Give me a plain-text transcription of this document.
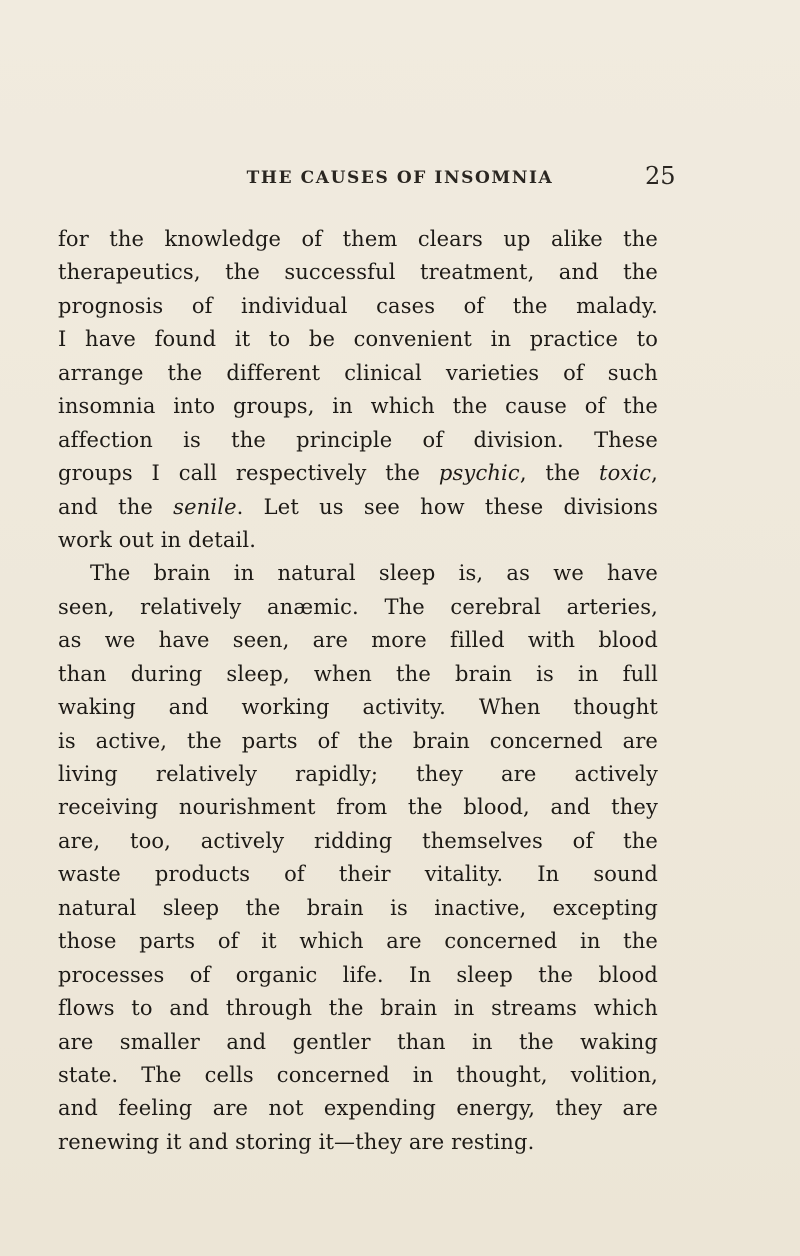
THE CAUSES OF INSOMNIA	25
for the knowledge of them clears up alike the
therapeutics, the successful treatment, and the
prognosis of individual cases of the malady.
I have found it to be convenient in practice to
arrange the different clinical varieties of such
insomnia into groups, in which the cause of the
affection is the principle of division. These
groups I call respectively the psychic, the toxic,
and the senile. Let us see how these divisions
work out in detail.
The brain in natural sleep is, as we have
seen, relatively anæmic. The cerebral arteries,
as we have seen, are more filled with blood
than during sleep, when the brain is in full
waking and working activity. When thought
is active, the parts of the brain concerned are
living relatively rapidly; they are actively
receiving nourishment from the blood, and they
are, too, actively ridding themselves of the
waste products of their vitality. In sound
natural sleep the brain is inactive, excepting
those parts of it which are concerned in the
processes of organic life. In sleep the blood
flows to and through the brain in streams which
are smaller and gentler than in the waking
state. The cells concerned in thought, volition,
and feeling are not expending energy, they are
renewing it and storing it—they are resting.
